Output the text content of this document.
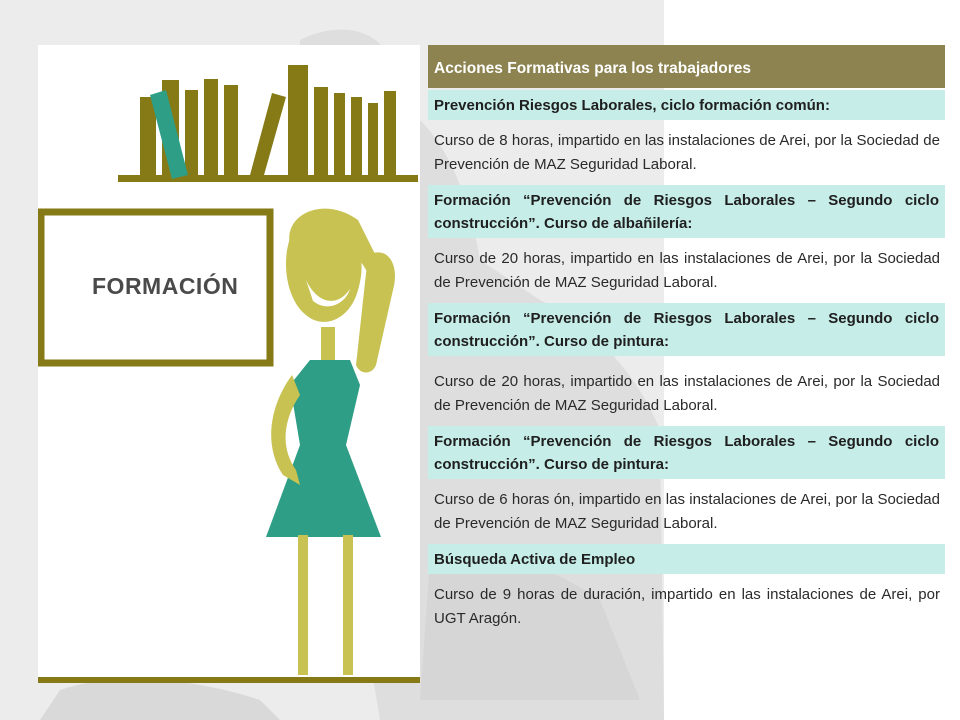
FORMACIÓN
Acciones Formativas para los trabajadores
Prevención Riesgos Laborales, ciclo formación común:
Curso de 8 horas, impartido en las instalaciones de Arei, por la Sociedad de Prevención de MAZ Seguridad Laboral.
Formación “Prevención de Riesgos Laborales – Segundo ciclo construcción”. Curso de albañilería:
Curso de 20 horas, impartido en las instalaciones de Arei, por la Sociedad de Prevención de MAZ Seguridad Laboral.
Formación “Prevención de Riesgos Laborales – Segundo ciclo construcción”. Curso de pintura:
Curso de 20 horas, impartido en las instalaciones de Arei, por la Sociedad de Prevención de MAZ Seguridad Laboral.
Formación “Prevención de Riesgos Laborales – Segundo ciclo construcción”. Curso de pintura:
Curso de 6 horas ón, impartido en las instalaciones de Arei, por la Sociedad de Prevención de MAZ Seguridad Laboral.
Búsqueda Activa de Empleo
Curso de 9 horas de duración, impartido en las instalaciones de Arei, por UGT Aragón.
